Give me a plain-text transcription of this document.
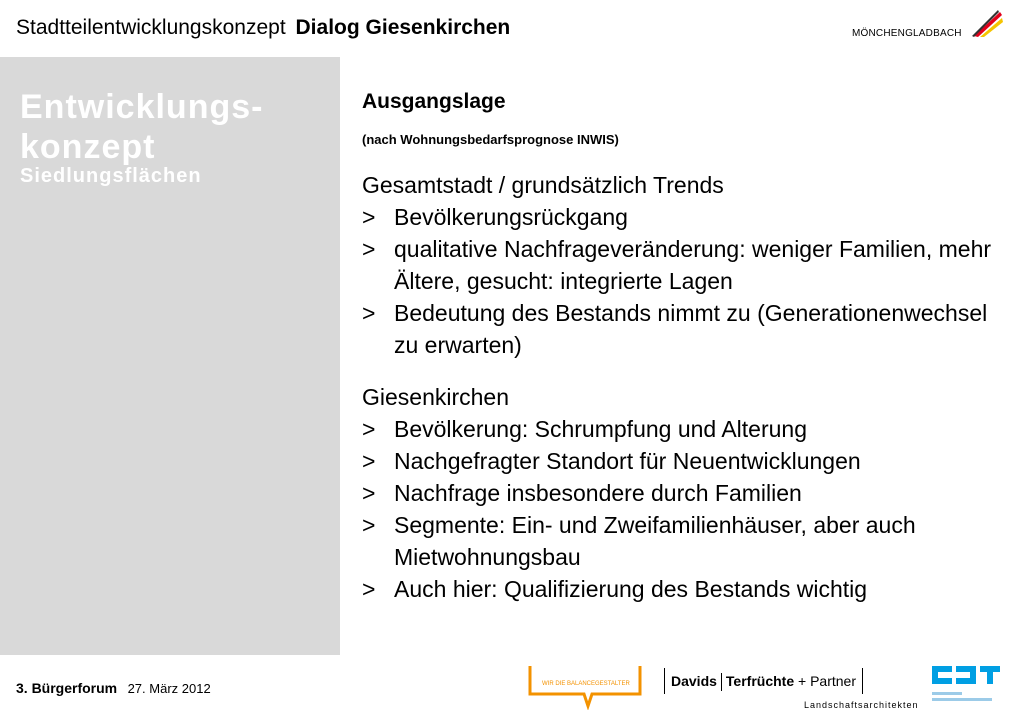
Stadtteilentwicklungskonzept Dialog Giesenkirchen	MÖNCHENGLADBACH
Entwicklungs-
konzept
Siedlungsflächen
Ausgangslage
(nach Wohnungsbedarfsprognose INWIS)
Gesamtstadt / grundsätzlich Trends
> Bevölkerungsrückgang
> qualitative Nachfrageveränderung: weniger Familien, mehr Ältere, gesucht: integrierte Lagen
> Bedeutung des Bestands nimmt zu (Generationenwechsel zu erwarten)
Giesenkirchen
> Bevölkerung: Schrumpfung und Alterung
> Nachgefragter Standort für Neuentwicklungen
> Nachfrage insbesondere durch Familien
> Segmente: Ein- und Zweifamilienhäuser, aber auch Mietwohnungsbau
> Auch hier: Qualifizierung des Bestands wichtig
3. Bürgerforum 27. März 2012	WIR DIE BALANCEGESTALTER	Davids Terfrüchte + Partner
Landschaftsarchitekten
